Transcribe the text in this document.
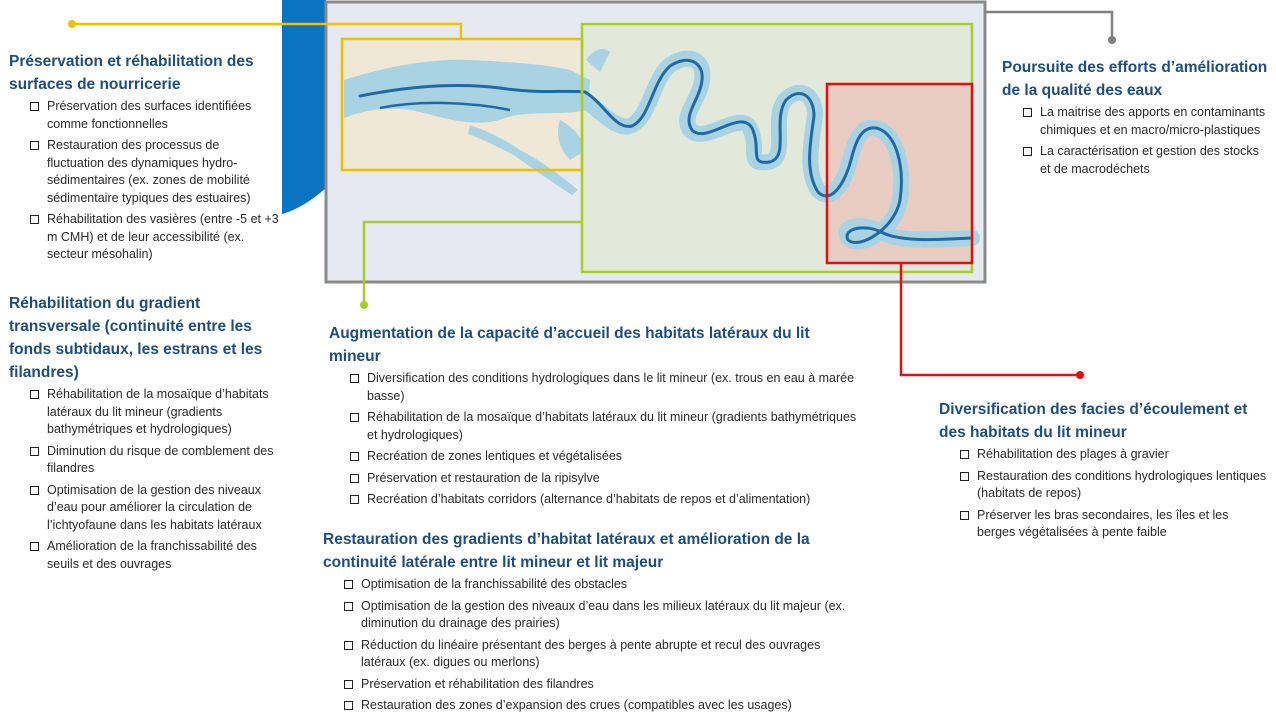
Préservation et réhabilitation des surfaces de nourricerie

Préservation des surfaces identifiées comme fonctionnelles
Restauration des processus de fluctuation des dynamiques hydro-sédimentaires (ex. zones de mobilité sédimentaire typiques des estuaires)
Réhabilitation des vasières (entre -5 et +3 m CMH) et de leur accessibilité (ex. secteur mésohalin)

Réhabilitation du gradient transversale (continuité entre les fonds subtidaux, les estrans et les filandres)

Réhabilitation de la mosaïque d’habitats latéraux du lit mineur (gradients bathymétriques et hydrologiques)
Diminution du risque de comblement des filandres
Optimisation de la gestion des niveaux d’eau pour améliorer la circulation de l’ichtyofaune dans les habitats latéraux
Amélioration de la franchissabilité des seuils et des ouvrages

Poursuite des efforts d’amélioration de la qualité des eaux

La maitrise des apports en contaminants chimiques et en macro/micro-plastiques
La caractérisation et gestion des stocks et de macrodéchets

Augmentation de la capacité d’accueil des habitats latéraux du lit mineur

Diversification des conditions hydrologiques dans le lit mineur (ex. trous en eau à marée basse)
Réhabilitation de la mosaïque d’habitats latéraux du lit mineur (gradients bathymétriques et hydrologiques)
Recréation de zones lentiques et végétalisées
Préservation et restauration de la ripisylve
Recréation d’habitats corridors (alternance d’habitats de repos et d’alimentation)

Restauration des gradients d’habitat latéraux et amélioration de la continuité latérale entre lit mineur et lit majeur

Optimisation de la franchissabilité des obstacles
Optimisation de la gestion des niveaux d’eau dans les milieux latéraux du lit majeur (ex. diminution du drainage des prairies)
Réduction du linéaire présentant des berges à pente abrupte et recul des ouvrages latéraux (ex. digues ou merlons)
Préservation et réhabilitation des filandres
Restauration des zones d’expansion des crues (compatibles avec les usages)

Diversification des facies d’écoulement et des habitats du lit mineur

Réhabilitation des plages à gravier
Restauration des conditions hydrologiques lentiques (habitats de repos)
Préserver les bras secondaires, les îles et les berges végétalisées à pente faible
